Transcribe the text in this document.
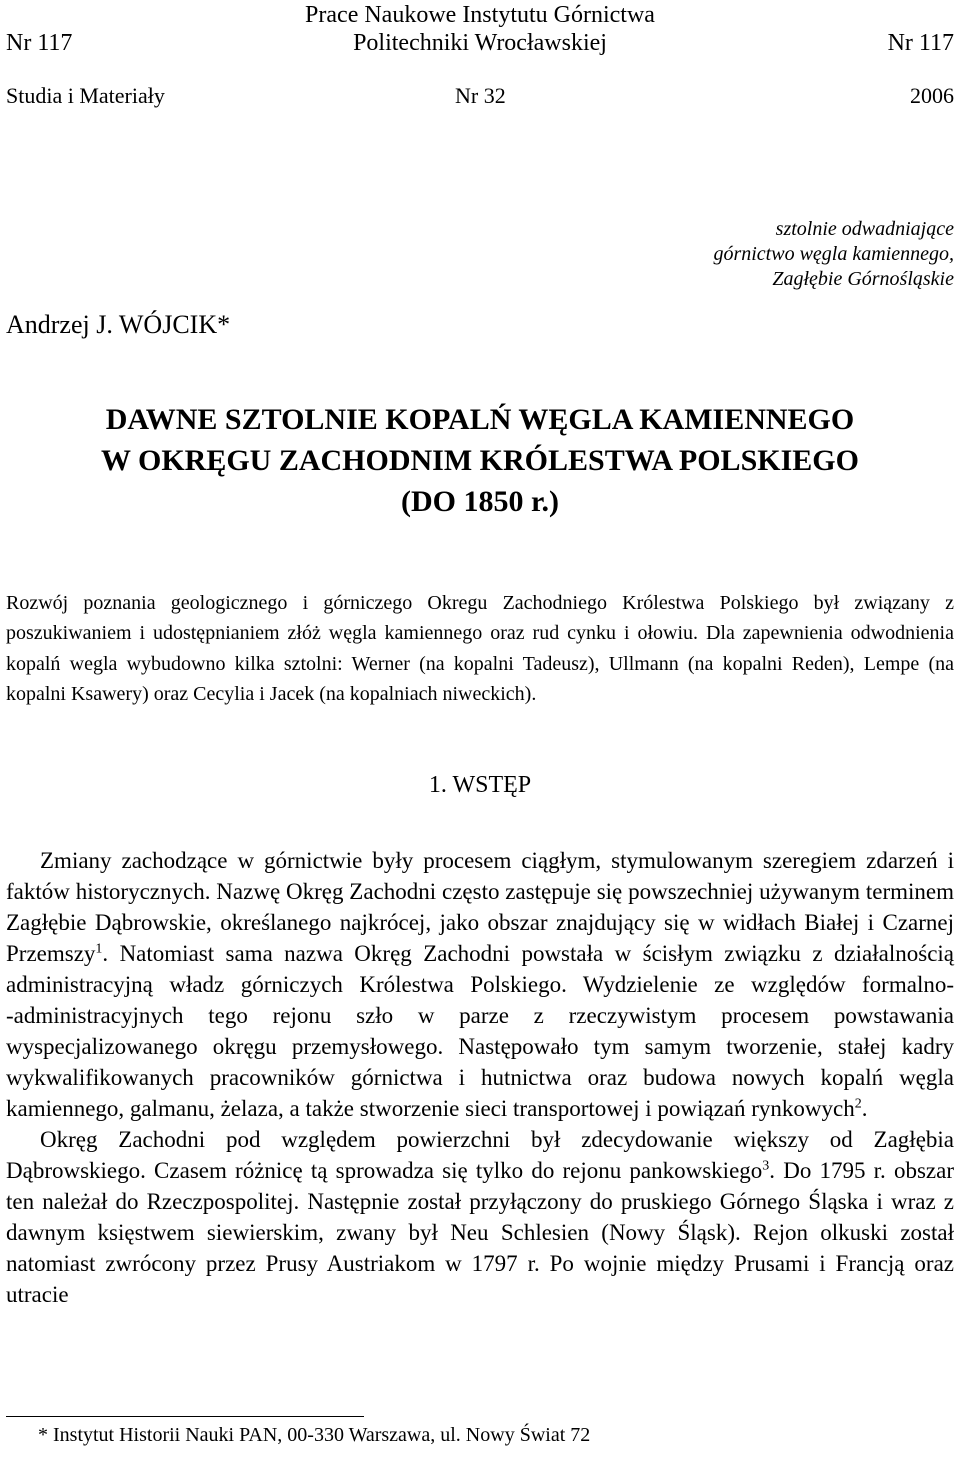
Prace Naukowe Instytutu Górnictwa
Nr 117	Politechniki Wrocławskiej	Nr 117
Studia i Materiały	Nr 32	2006
sztolnie odwadniające
górnictwo węgla kamiennego,
Zagłębie Górnośląskie
Andrzej J. WÓJCIK*
DAWNE SZTOLNIE KOPALŃ WĘGLA KAMIENNEGO
W OKRĘGU ZACHODNIM KRÓLESTWA POLSKIEGO
(DO 1850 r.)
Rozwój poznania geologicznego i górniczego Okregu Zachodniego Królestwa Polskiego był związany z poszukiwaniem i udostępnianiem złóż węgla kamiennego oraz rud cynku i ołowiu. Dla zapewnienia odwodnienia kopalń wegla wybudowno kilka sztolni: Werner (na kopalni Tadeusz), Ullmann (na kopalni Reden), Lempe (na kopalni Ksawery) oraz Cecylia i Jacek (na kopalniach niweckich).
1. WSTĘP

Zmiany zachodzące w górnictwie były procesem ciągłym, stymulowanym szeregiem zdarzeń i faktów historycznych. Nazwę Okręg Zachodni często zastępuje się powszechniej używanym terminem Zagłębie Dąbrowskie, określanego najkrócej, jako obszar znajdujący się w widłach Białej i Czarnej Przemszy$^1$. Natomiast sama nazwa Okręg Zachodni powstała w ścisłym związku z działalnością administracyjną władz górniczych Królestwa Polskiego. Wydzielenie ze względów formalno-‑administracyjnych tego rejonu szło w parze z rzeczywistym procesem powstawania wyspecjalizowanego okręgu przemysłowego. Następowało tym samym tworzenie, stałej kadry wykwalifikowanych pracowników górnictwa i hutnictwa oraz budowa nowych kopalń węgla kamiennego, galmanu, żelaza, a także stworzenie sieci transportowej i powiązań rynkowych$^2$.

Okręg Zachodni pod względem powierzchni był zdecydowanie większy od Zagłębia Dąbrowskiego. Czasem różnicę tą sprowadza się tylko do rejonu pankowskiego$^3$. Do 1795 r. obszar ten należał do Rzeczpospolitej. Następnie został przyłączony do pruskiego Górnego Śląska i wraz z dawnym księstwem siewierskim, zwany był Neu Schlesien (Nowy Śląsk). Rejon olkuski został natomiast zwrócony przez Prusy Austriakom w 1797 r. Po wojnie między Prusami i Francją oraz utracie

* Instytut Historii Nauki PAN, 00-330 Warszawa, ul. Nowy Świat 72
